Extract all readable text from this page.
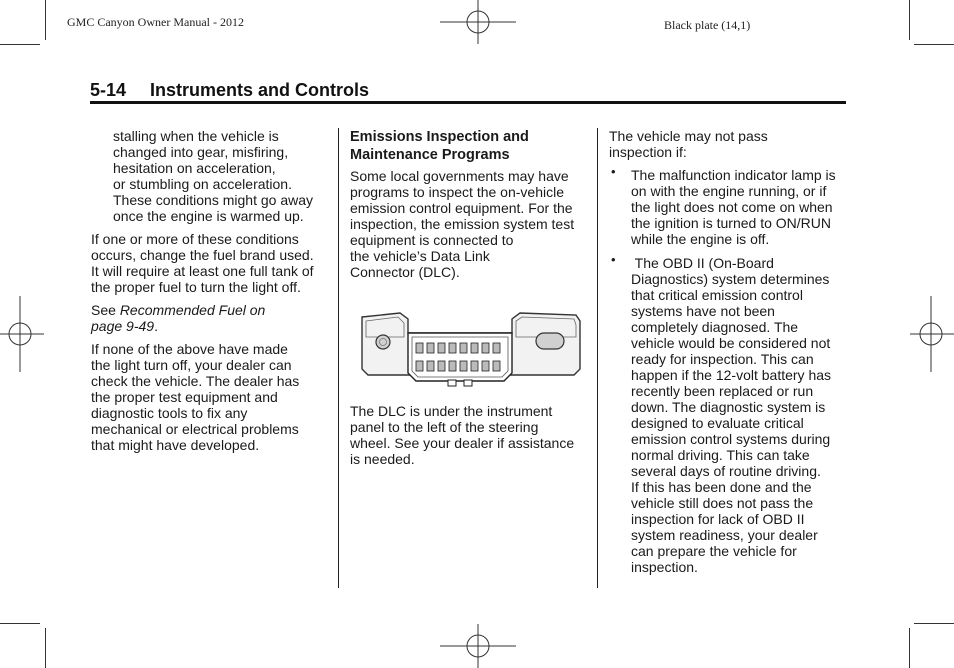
GMC Canyon Owner Manual - 2012	Black plate (14,1)
5-14 Instruments and Controls

stalling when the vehicle is
changed into gear, misfiring,
hesitation on acceleration,
or stumbling on acceleration.
These conditions might go away
once the engine is warmed up.

If one or more of these conditions
occurs, change the fuel brand used.
It will require at least one full tank of
the proper fuel to turn the light off.

See Recommended Fuel on
page 9-49.

If none of the above have made
the light turn off, your dealer can
check the vehicle. The dealer has
the proper test equipment and
diagnostic tools to fix any
mechanical or electrical problems
that might have developed.

Emissions Inspection and
Maintenance Programs

Some local governments may have
programs to inspect the on-vehicle
emission control equipment. For the
inspection, the emission system test
equipment is connected to
the vehicle’s Data Link
Connector (DLC).

The DLC is under the instrument
panel to the left of the steering
wheel. See your dealer if assistance
is needed.

The vehicle may not pass
inspection if:

• The malfunction indicator lamp is
on with the engine running, or if
the light does not come on when
the ignition is turned to ON/RUN
while the engine is off.
• The OBD II (On-Board
Diagnostics) system determines
that critical emission control
systems have not been
completely diagnosed. The
vehicle would be considered not
ready for inspection. This can
happen if the 12-volt battery has
recently been replaced or run
down. The diagnostic system is
designed to evaluate critical
emission control systems during
normal driving. This can take
several days of routine driving.
If this has been done and the
vehicle still does not pass the
inspection for lack of OBD II
system readiness, your dealer
can prepare the vehicle for
inspection.
